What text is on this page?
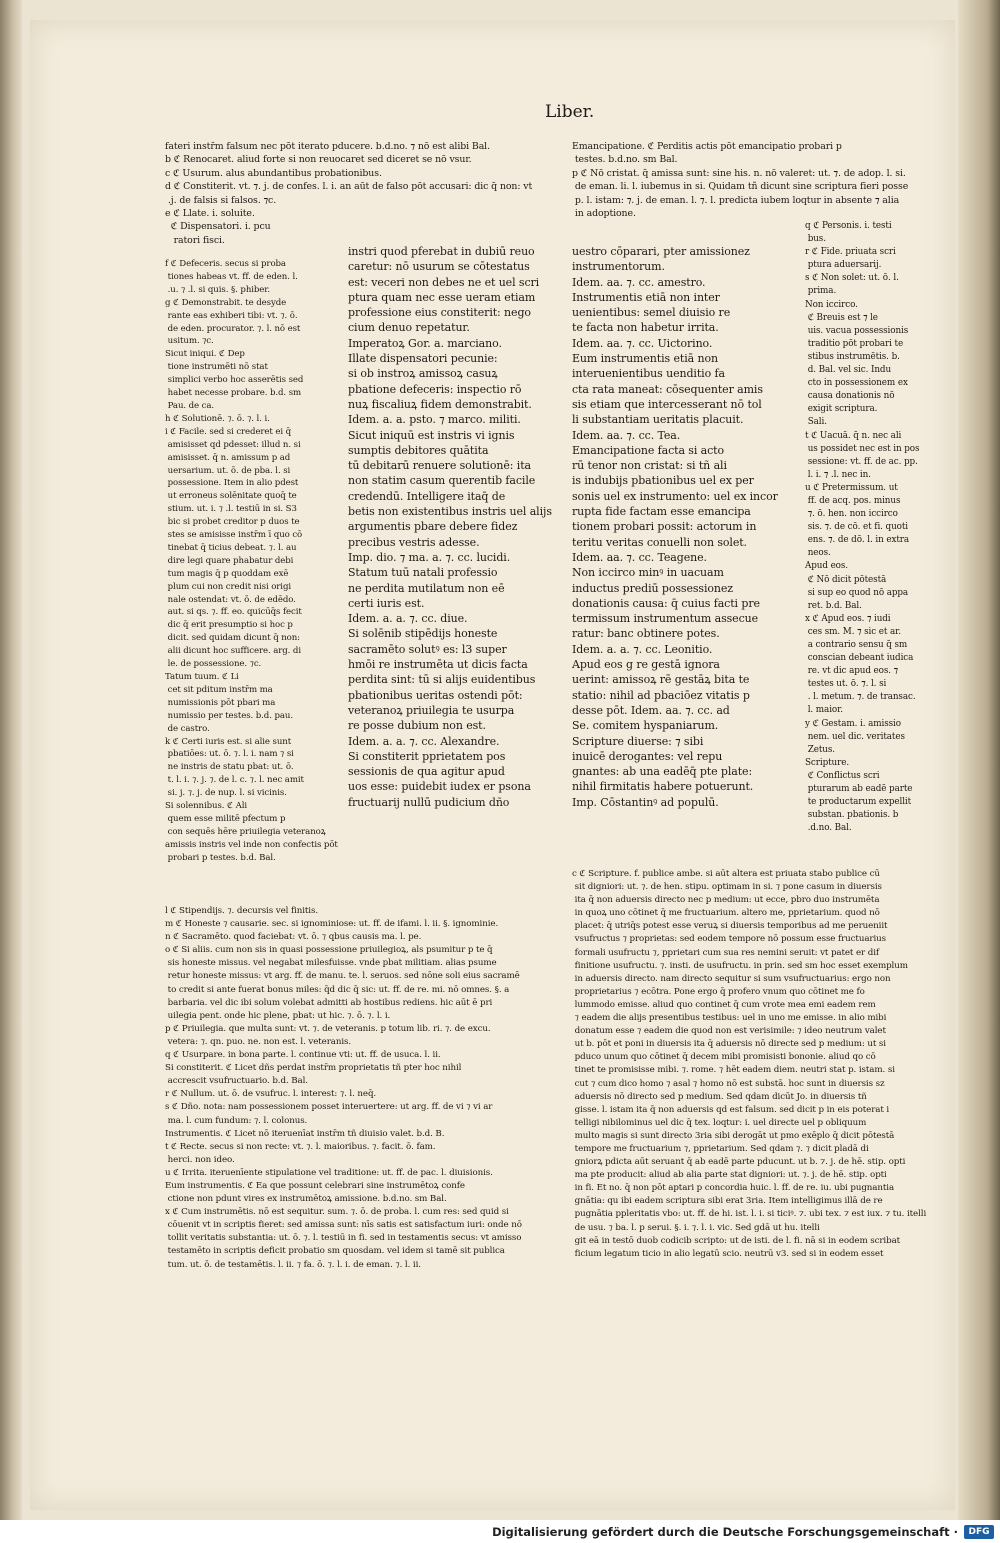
Liber.
fateri instr̄m falsum nec pōt iterato pducere. b.d.no. ⁊ nō est alibi Bal.
b ℭ Renocaret. aliud forte si non reuocaret sed diceret se nō vsur.
c ℭ Usurum. alus abundantibus probationibus.
d ℭ Constiterit. vt. ⁊. j. de confes. l. i. an aūt de falso pōt accusari: dic q̄ non: vt
.j. de falsis si falsos. ⁊c.
e ℭ Llate. i. soluite.
ℭ Dispensatori. i. pcu
ratori fisci.
f ℭ Defeceris. secus si proba
tiones habeas vt. ff. de eden. l.
.u. ⁊ .l. si quis. §. phiber.
g ℭ Demonstrabit. te desyde
rante eas exhiberi tibi: vt. ⁊. ō.
de eden. procurator. ⁊. l. nō est
usitum. ⁊c.
Sicut iniqui. ℭ Dep
tione instrumēti nō stat
simplici verbo hoc asserētis sed
habet necesse probare. b.d. sm
Pau. de ca.
h ℭ Solutionē. ⁊. ō. ⁊. l. i.
i ℭ Facile. sed si crederet ei q̄
amisisset qd pdesset: illud n. si
amisisset. q̄ n. amissum p ad
uersarium. ut. ō. de pba. l. si
possessione. Item in alio pdest
ut erroneus solēnitate quoq̄ te
stium. ut. i. ⁊ .l. testiū in si. S3
bic si probet creditor p duos te
stes se amisisse instr̄m ī quo cō
tinebat q̄ ticius debeat. ⁊. l. au
dire legi quare phabatur debi
tum magis q̄ p quoddam exē
plum cui non credit nisi origi
nale ostendat: vt. ō. de edēdo.
aut. si qs. ⁊. ff. eo. quicūq̄s fecit
dic q̄ erit presumptio si hoc p
dicit. sed quidam dicunt q̄ non:
alii dicunt hoc sufficere. arg. di
le. de possessione. ⁊c.
Tatum tuum. ℭ Li
cet sit pditum instr̄m ma
numissionis pōt pbari ma
numissio per testes. b.d. pau.
de castro.
k ℭ Certi iuris est. si alie sunt
pbatiōes: ut. ō. ⁊. l. i. nam ⁊ si
ne instris de statu pbat: ut. ō.
t. l. i. ⁊. j. ⁊. de l. c. ⁊. l. nec amit
si. j. ⁊. j. de nup. l. si vicinis.
Si solennibus. ℭ Ali
quem esse militē pfectum p
con sequēs hēre priuilegia veteranoꝝ amissis instris vel inde non confectis pōt
probari p testes. b.d. Bal.
instri quod pferebat in dubiū reuo
caretur: nō usurum se cōtestatus
est: veceri non debes ne et uel scri
ptura quam nec esse ueram etiam
professione eius constiterit: nego
cium denuo repetatur.
Imperatoꝝ Gor. a. marciano.
Illate dispensatori pecunie:
si ob instroꝝ amissoꝝ casuꝝ
pbatione defeceris: inspectio rō
nuꝝ fiscaliuꝝ fidem demonstrabit.
Idem. a. a. psto. ⁊ marco. militi.
Sicut iniquū est instris vi ignis
sumptis debitores quātita
tū debitarū renuere solutionē: ita
non statim casum querentib facile
credendū. Intelligere itaq̄ de
betis non existentibus instris uel alijs
argumentis pbare debere fidez
precibus vestris adesse.
Imp. dio. ⁊ ma. a. ⁊. cc. lucidi.
Statum tuū natali professio
ne perdita mutilatum non eē
certi iuris est.
Idem. a. a. ⁊. cc. diue.
Si solēnib stipēdijs honeste
sacramēto solutꝰ es: l3 super
hmōi re instrumēta ut dicis facta
perdita sint: tū si alijs euidentibus
pbationibus ueritas ostendi pōt:
veteranoꝝ priuilegia te usurpa
re posse dubium non est.
Idem. a. a. ⁊. cc. Alexandre.
Si constiterit pprietatem pos
sessionis de qua agitur apud
uos esse: puidebit iudex er psona
fructuarij nullū pudicium dño
Emancipatione. ℭ Perditis actis pōt emancipatio probari p
testes. b.d.no. sm Bal.
p ℭ Nō cristat. q̄ amissa sunt: sine his. n. nō valeret: ut. ⁊. de adop. l. si.
de eman. li. l. iubemus in si. Quidam tñ dicunt sine scriptura fieri posse
p. l. istam: ⁊. j. de eman. l. ⁊. l. predicta iubem loqtur in absente ⁊ alia
in adoptione.
uestro cōparari, pter amissionez
instrumentorum.
Idem. aa. ⁊. cc. amestro.
Instrumentis etiā non inter
uenientibus: semel diuisio re
te facta non habetur irrita.
Idem. aa. ⁊. cc. Uictorino.
Eum instrumentis etiā non
interuenientibus uenditio fa
cta rata maneat: cōsequenter amis
sis etiam que intercesserant nō tol
li substantiam ueritatis placuit.
Idem. aa. ⁊. cc. Tea.
Emancipatione facta si acto
rū tenor non cristat: si tñ ali
is indubijs pbationibus uel ex per
sonis uel ex instrumento: uel ex incor
rupta fide factam esse emancipa
tionem probari possit: actorum in
teritu veritas conuelli non solet.
Idem. aa. ⁊. cc. Teagene.
Non iccirco minꝰ in uacuam
inductus prediū possessionez
donationis causa: q̄ cuius facti pre
termissum instrumentum assecue
ratur: banc obtinere potes.
Idem. a. a. ⁊. cc. Leonitio.
Apud eos g re gestā ignora
uerint: amissoꝝ rē gestāꝝ bita te
statio: nihil ad pbaciōez vitatis p
desse pōt. Idem. aa. ⁊. cc. ad
Se. comitem hyspaniarum.
Scripture diuerse: ⁊ sibi
inuicē derogantes: vel repu
gnantes: ab una eadēq̄ pte plate:
nihil firmitatis habere potuerunt.
Imp. Cōstantinꝰ ad populū.
q ℭ Personis. i. testi
bus.
r ℭ Fide. priuata scri
ptura aduersarij.
s ℭ Non solet: ut. ō. l.
prima.
Non iccirco.
ℭ Breuis est ⁊ le
uis. vacua possessionis
traditio pōt probari te
stibus instrumētis. b.
d. Bal. vel sic. Indu
cto in possessionem ex
causa donationis nō
exigit scriptura.
Sali.
t ℭ Uacuā. q̄ n. nec ali
us possidet nec est in pos
sessione: vt. ff. de ac. pp.
l. i. ⁊ .l. nec in.
u ℭ Pretermissum. ut
ff. de acq. pos. minus
⁊. ō. hen. non iccirco
sis. ⁊. de cō. et fi. quoti
ens. ⁊. de dō. l. in extra
neos.
Apud eos.
ℭ Nō dicit pōtestā
si sup eo quod nō appa
ret. b.d. Bal.
x ℭ Apud eos. ⁊ iudi
ces sm. M. ⁊ sic et ar.
a contrario sensu q̄ sm
conscian debeant iudica
re. vt dic apud eos. ⁊
testes ut. ō. ⁊. l. si
. l. metum. ⁊. de transac.
l. maior.
y ℭ Gestam. i. amissio
nem. uel dic. veritates
Zetus.
Scripture.
ℭ Conflictus scri
pturarum ab eadē parte
te productarum expellit
substan. pbationis. b
.d.no. Bal.
l ℭ Stipendijs. ⁊. decursis vel finitis.
m ℭ Honeste ⁊ causarie. sec. si ignominiose: ut. ff. de ifami. l. ii. §. ignominie.
n ℭ Sacramēto. quod faciebat: vt. ō. ⁊ qbus causis ma. l. pe.
o ℭ Si aliis. cum non sis in quasi possessione priuilegioꝝ, als psumitur p te q̄
sis honeste missus. vel negabat milesfuisse. vnde pbat militiam. alias psume
retur honeste missus: vt arg. ff. de manu. te. l. seruos. sed nōne soli eius sacramē
to credit si ante fuerat bonus miles: q̄d dic q̄ sic: ut. ff. de re. mi. nō omnes. §. a
barbaria. vel dic ibi solum volebat admitti ab hostibus rediens. hic aūt ē pri
uilegia pent. onde hic plene, pbat: ut hic. ⁊. ō. ⁊. l. i.
p ℭ Priuilegia. que multa sunt: vt. ⁊. de veteranis. p totum lib. ri. ⁊. de excu.
vetera: ⁊. qn. puo. ne. non est. l. veteranis.
q ℭ Usurpare. in bona parte. l. continue vti: ut. ff. de usuca. l. ii.
Si constiterit. ℭ Licet dñs perdat instr̄m proprietatis tñ pter hoc nihil
accrescit vsufructuario. b.d. Bal.
r ℭ Nullum. ut. ō. de vsufruc. l. interest: ⁊. l. neq̄.
s ℭ Dño. nota: nam possessionem posset interuertere: ut arg. ff. de vi ⁊ vi ar
ma. l. cum fundum: ⁊. l. colonus.
Instrumentis. ℭ Licet nō iteruenīat instr̄m tñ diuisio valet. b.d. B.
t ℭ Recte. secus si non recte: vt. ⁊. l. maioribus. ⁊. facit. ō. fam.
herci. non ideo.
u ℭ Irrita. iteruenīente stipulatione vel traditione: ut. ff. de pac. l. diuisionis.
Eum instrumentis. ℭ Ea que possunt celebrari sine instrumētoꝝ confe
ctione non pdunt vires ex instrumētoꝝ amissione. b.d.no. sm Bal.
x ℭ Cum instrumētis. nō est sequitur. sum. ⁊. ō. de proba. l. cum res: sed quid si
cōuenit vt in scriptis fieret: sed amissa sunt: nīs satis est satisfactum iuri: onde nō
tollit veritatis substantia: ut. ō. ⁊. l. testiū in fi. sed in testamentis secus: vt amisso
testamēto in scriptis deficit probatio sm quosdam. vel idem si tamē sit publica
tum. ut. ō. de testamētis. l. ii. ⁊ fa. ō. ⁊. l. i. de eman. ⁊. l. ii.
c ℭ Scripture. f. publice ambe. si aūt altera est priuata stabo publice cū
sit digniori: ut. ⁊. de hen. stipu. optimam in si. ⁊ pone casum in diuersis
ita q̄ non aduersis directo nec p medium: ut ecce, pbro duo instrumēta
in quoꝝ uno cōtinet q̄ me fructuarium. altero me, pprietarium. quod nō
placet: q̄ utriq̄s potest esse veruꝝ si diuersis temporibus ad me perueniit
vsufructus ⁊ proprietas: sed eodem tempore nō possum esse fructuarius
formali usufructu ⁊, pprietari cum sua res nemini seruit: vt patet er dif
finitione usufructu. ⁊. insti. de usufructu. in prin. sed sm hoc esset exemplum
in aduersis directo. nam directo sequitur si sum vsufructuarius: ergo non
proprietarius ⁊ ecōtra. Pone ergo q̄ profero vnum quo cōtinet me fo
lummodo emisse. aliud quo continet q̄ cum vrote mea emi eadem rem
⁊ eadem die alijs presentibus testibus: uel in uno me emisse. in alio mibi
donatum esse ⁊ eadem die quod non est verisimile: ⁊ ideo neutrum valet
ut b. pōt et poni in diuersis ita q̄ aduersis nō directe sed p medium: ut si
pduco unum quo cōtinet q̄ decem mibi promisisti bononie. aliud qo cō
tinet te promisisse mibi. ⁊. rome. ⁊ hēt eadem diem. neutri stat p. istam. si
cut ⁊ cum dico homo ⁊ asal ⁊ homo nō est substā. hoc sunt in diuersis sz
aduersis nō directo sed p medium. Sed qdam dicūt Jo. in diuersis tñ
gisse. l. istam ita q̄ non aduersis qd est falsum. sed dicit p in eis poterat i
telligi nibilominus uel dic q̄ tex. loqtur: i. uel directe uel p obliquum
multo magis si sunt directo 3ria sibi derogāt ut pmo exēplo q̄ dicit pōtestā
tempore me fructuarium ⁊, pprietarium. Sed qdam ⁊. ⁊ dicit pladā di
gniorꝝ pdicta aūt seruant q̄ ab eadē parte pducunt. ut b. ⁊. j. de hē. stip. opti
ma pte producit: aliud ab alia parte stat digniori: ut. ⁊. j. de hē. stip. opti
in fi. Et no. q̄ non pōt aptari p concordia huic. l. ff. de re. iu. ubi pugnantia
gnātia: qu ibi eadem scriptura sibi erat 3ria. Item intelligimus illā de re
pugnātia ppleritatis vbo: ut. ff. de hi. ist. l. i. si ticiꝰ. ⁊. ubi tex. ⁊ est iux. ⁊ tu. itelli
de usu. ⁊ ba. l. p serui. §. i. ⁊. l. i. vic. Sed gdā ut hu. itelli
git eā in testō duob codicib scripto: ut de isti. de l. fi. nā si in eodem scribat
ficium legatum ticio in alio legatū scio. neutrū v3. sed si in eodem esset
Digitalisierung gefördert durch die Deutsche Forschungsgemeinschaft ·	DFG
